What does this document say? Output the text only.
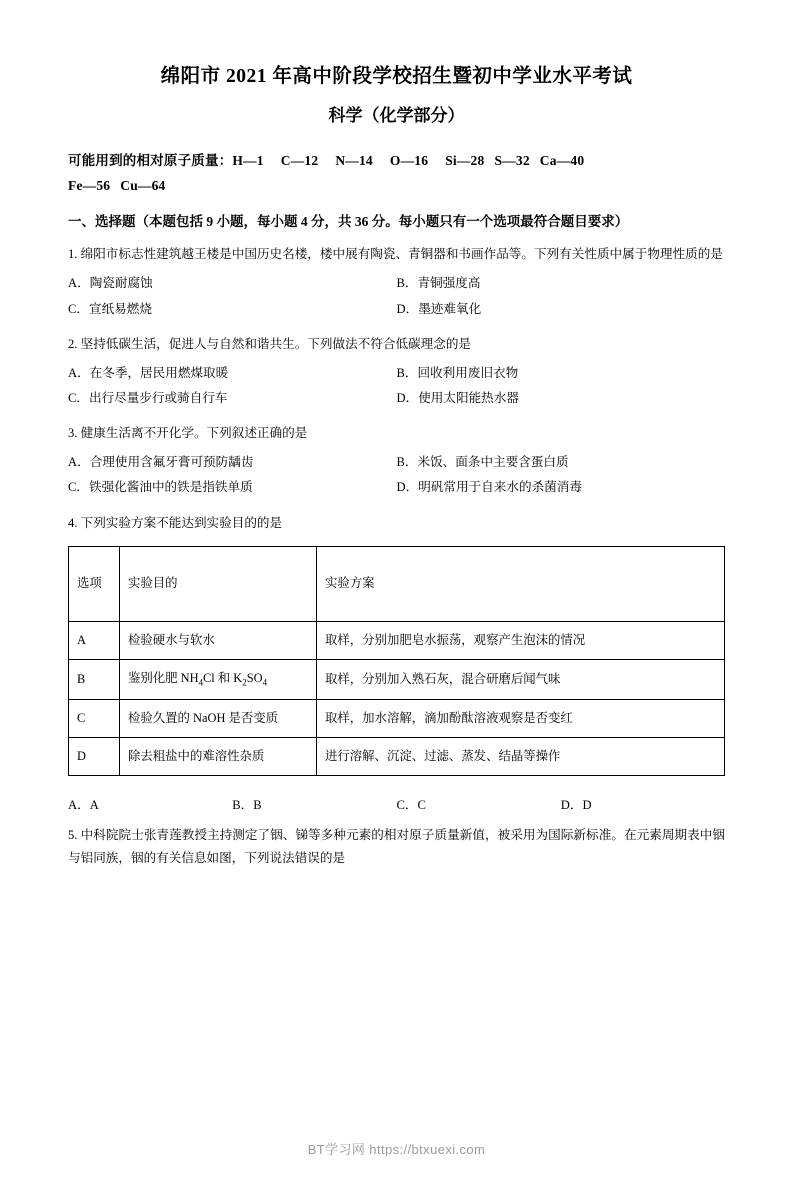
绵阳市 2021 年高中阶段学校招生暨初中学业水平考试
科学（化学部分）
可能用到的相对原子质量：H—1 C—12 N—14 O—16 Si—28 S—32 Ca—40
Fe—56 Cu—64
一、选择题（本题包括 9 小题，每小题 4 分，共 36 分。每小题只有一个选项最符合题目要求）
1. 绵阳市标志性建筑越王楼是中国历史名楼，楼中展有陶瓷、青铜器和书画作品等。下列有关性质中属于物理性质的是
A．陶瓷耐腐蚀	B．青铜强度高
C．宣纸易燃烧	D．墨迹难氧化
2. 坚持低碳生活，促进人与自然和谐共生。下列做法不符合低碳理念的是
A．在冬季，居民用燃煤取暖	B．回收利用废旧衣物
C．出行尽量步行或骑自行车	D．使用太阳能热水器
3. 健康生活离不开化学。下列叙述正确的是
A．合理使用含氟牙膏可预防龋齿	B．米饭、面条中主要含蛋白质
C．铁强化酱油中的铁是指铁单质	D．明矾常用于自来水的杀菌消毒
4. 下列实验方案不能达到实验目的的是
选项	实验目的	实验方案
A	检验硬水与软水	取样，分别加肥皂水振荡，观察产生泡沫的情况
B	鉴别化肥 $NH_4Cl$ 和 $K_2SO_4$	取样，分别加入熟石灰，混合研磨后闻气味
C	检验久置的 NaOH 是否变质	取样，加水溶解，滴加酚酞溶液观察是否变红
D	除去粗盐中的难溶性杂质	进行溶解、沉淀、过滤、蒸发、结晶等操作
A．A	B．B	C．C	D．D
5. 中科院院士张青莲教授主持测定了铟、锑等多种元素的相对原子质量新值，被采用为国际新标准。在元素周期表中铟与铝同族，铟的有关信息如图，下列说法错误的是
BT学习网 https://btxuexi.com
